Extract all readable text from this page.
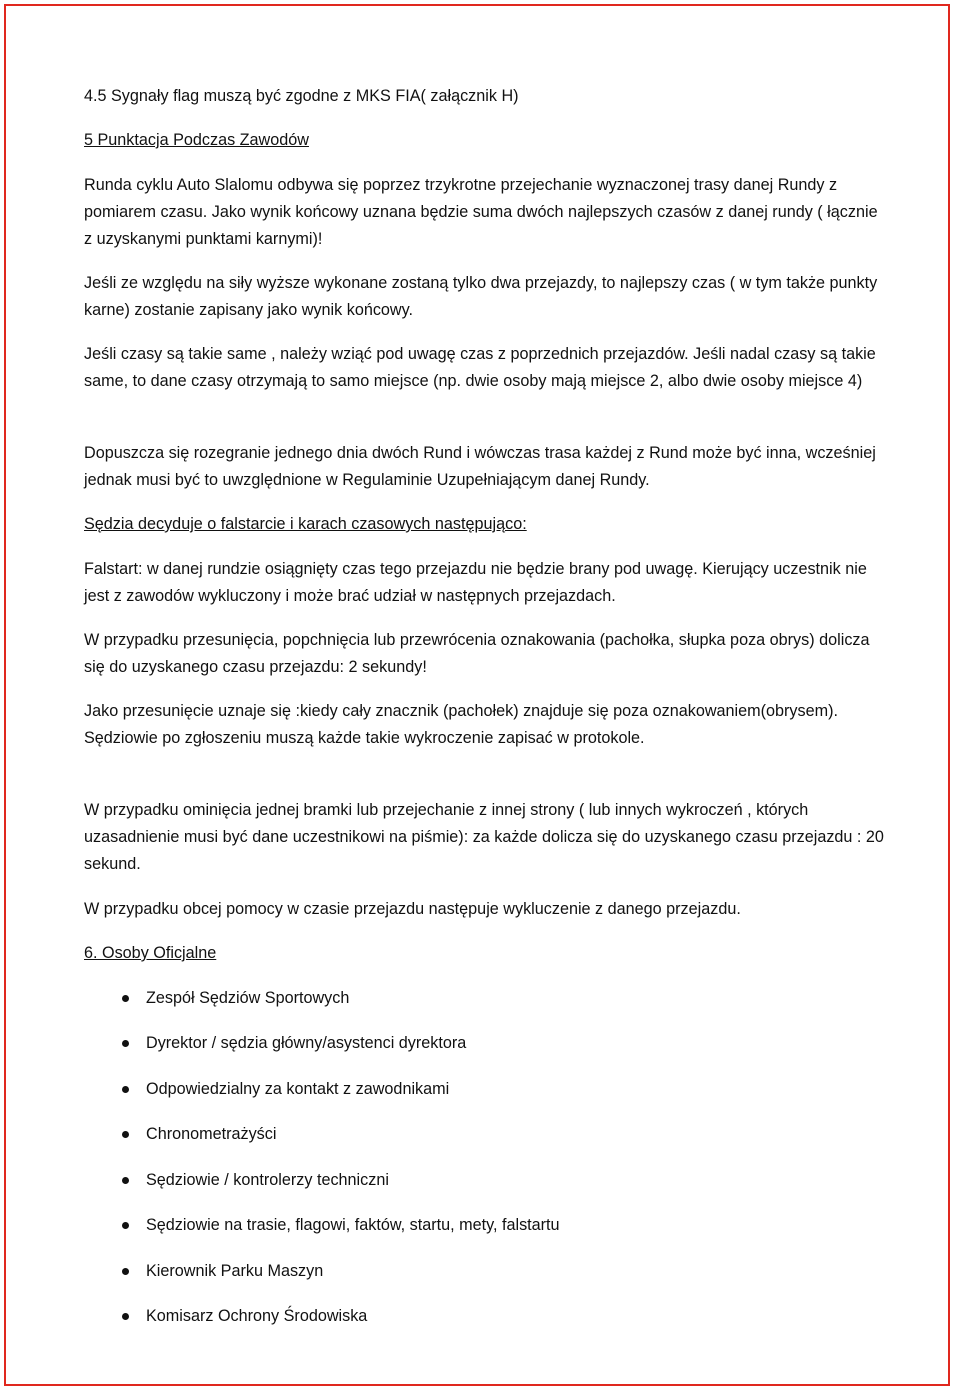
4.5 Sygnały flag muszą być zgodne z MKS FIA( załącznik H)

5 Punktacja Podczas Zawodów

Runda cyklu Auto Slalomu odbywa się poprzez trzykrotne przejechanie wyznaczonej trasy danej Rundy z pomiarem czasu. Jako wynik końcowy uznana będzie suma dwóch najlepszych czasów z danej rundy ( łącznie z uzyskanymi punktami karnymi)!

Jeśli ze względu na siły wyższe wykonane zostaną tylko dwa przejazdy, to najlepszy czas ( w tym także punkty karne) zostanie zapisany jako wynik końcowy.

Jeśli czasy są takie same , należy wziąć pod uwagę czas z poprzednich przejazdów. Jeśli nadal czasy są takie same, to dane czasy otrzymają to samo miejsce (np. dwie osoby mają miejsce 2, albo dwie osoby miejsce 4)

Dopuszcza się rozegranie jednego dnia dwóch Rund i wówczas trasa każdej z Rund może być inna, wcześniej jednak musi być to uwzględnione w Regulaminie Uzupełniającym danej Rundy.

Sędzia decyduje o falstarcie i karach czasowych następująco:

Falstart: w danej rundzie osiągnięty czas tego przejazdu nie będzie brany pod uwagę. Kierujący uczestnik nie jest z zawodów wykluczony i może brać udział w następnych przejazdach.

W przypadku przesunięcia, popchnięcia lub przewrócenia oznakowania (pachołka, słupka poza obrys) dolicza się do uzyskanego czasu przejazdu: 2 sekundy!

Jako przesunięcie uznaje się :kiedy cały znacznik (pachołek) znajduje się poza oznakowaniem(obrysem). Sędziowie po zgłoszeniu muszą każde takie wykroczenie zapisać w protokole.

W przypadku ominięcia jednej bramki lub przejechanie z innej strony ( lub innych wykroczeń , których uzasadnienie musi być dane uczestnikowi na piśmie): za każde dolicza się do uzyskanego czasu przejazdu : 20 sekund.

W przypadku obcej pomocy w czasie przejazdu następuje wykluczenie z danego przejazdu.

6. Osoby Oficjalne

Zespół Sędziów Sportowych
Dyrektor / sędzia główny/asystenci dyrektora
Odpowiedzialny za kontakt z zawodnikami
Chronometrażyści
Sędziowie / kontrolerzy techniczni
Sędziowie na trasie, flagowi, faktów, startu, mety, falstartu
Kierownik Parku Maszyn
Komisarz Ochrony Środowiska
